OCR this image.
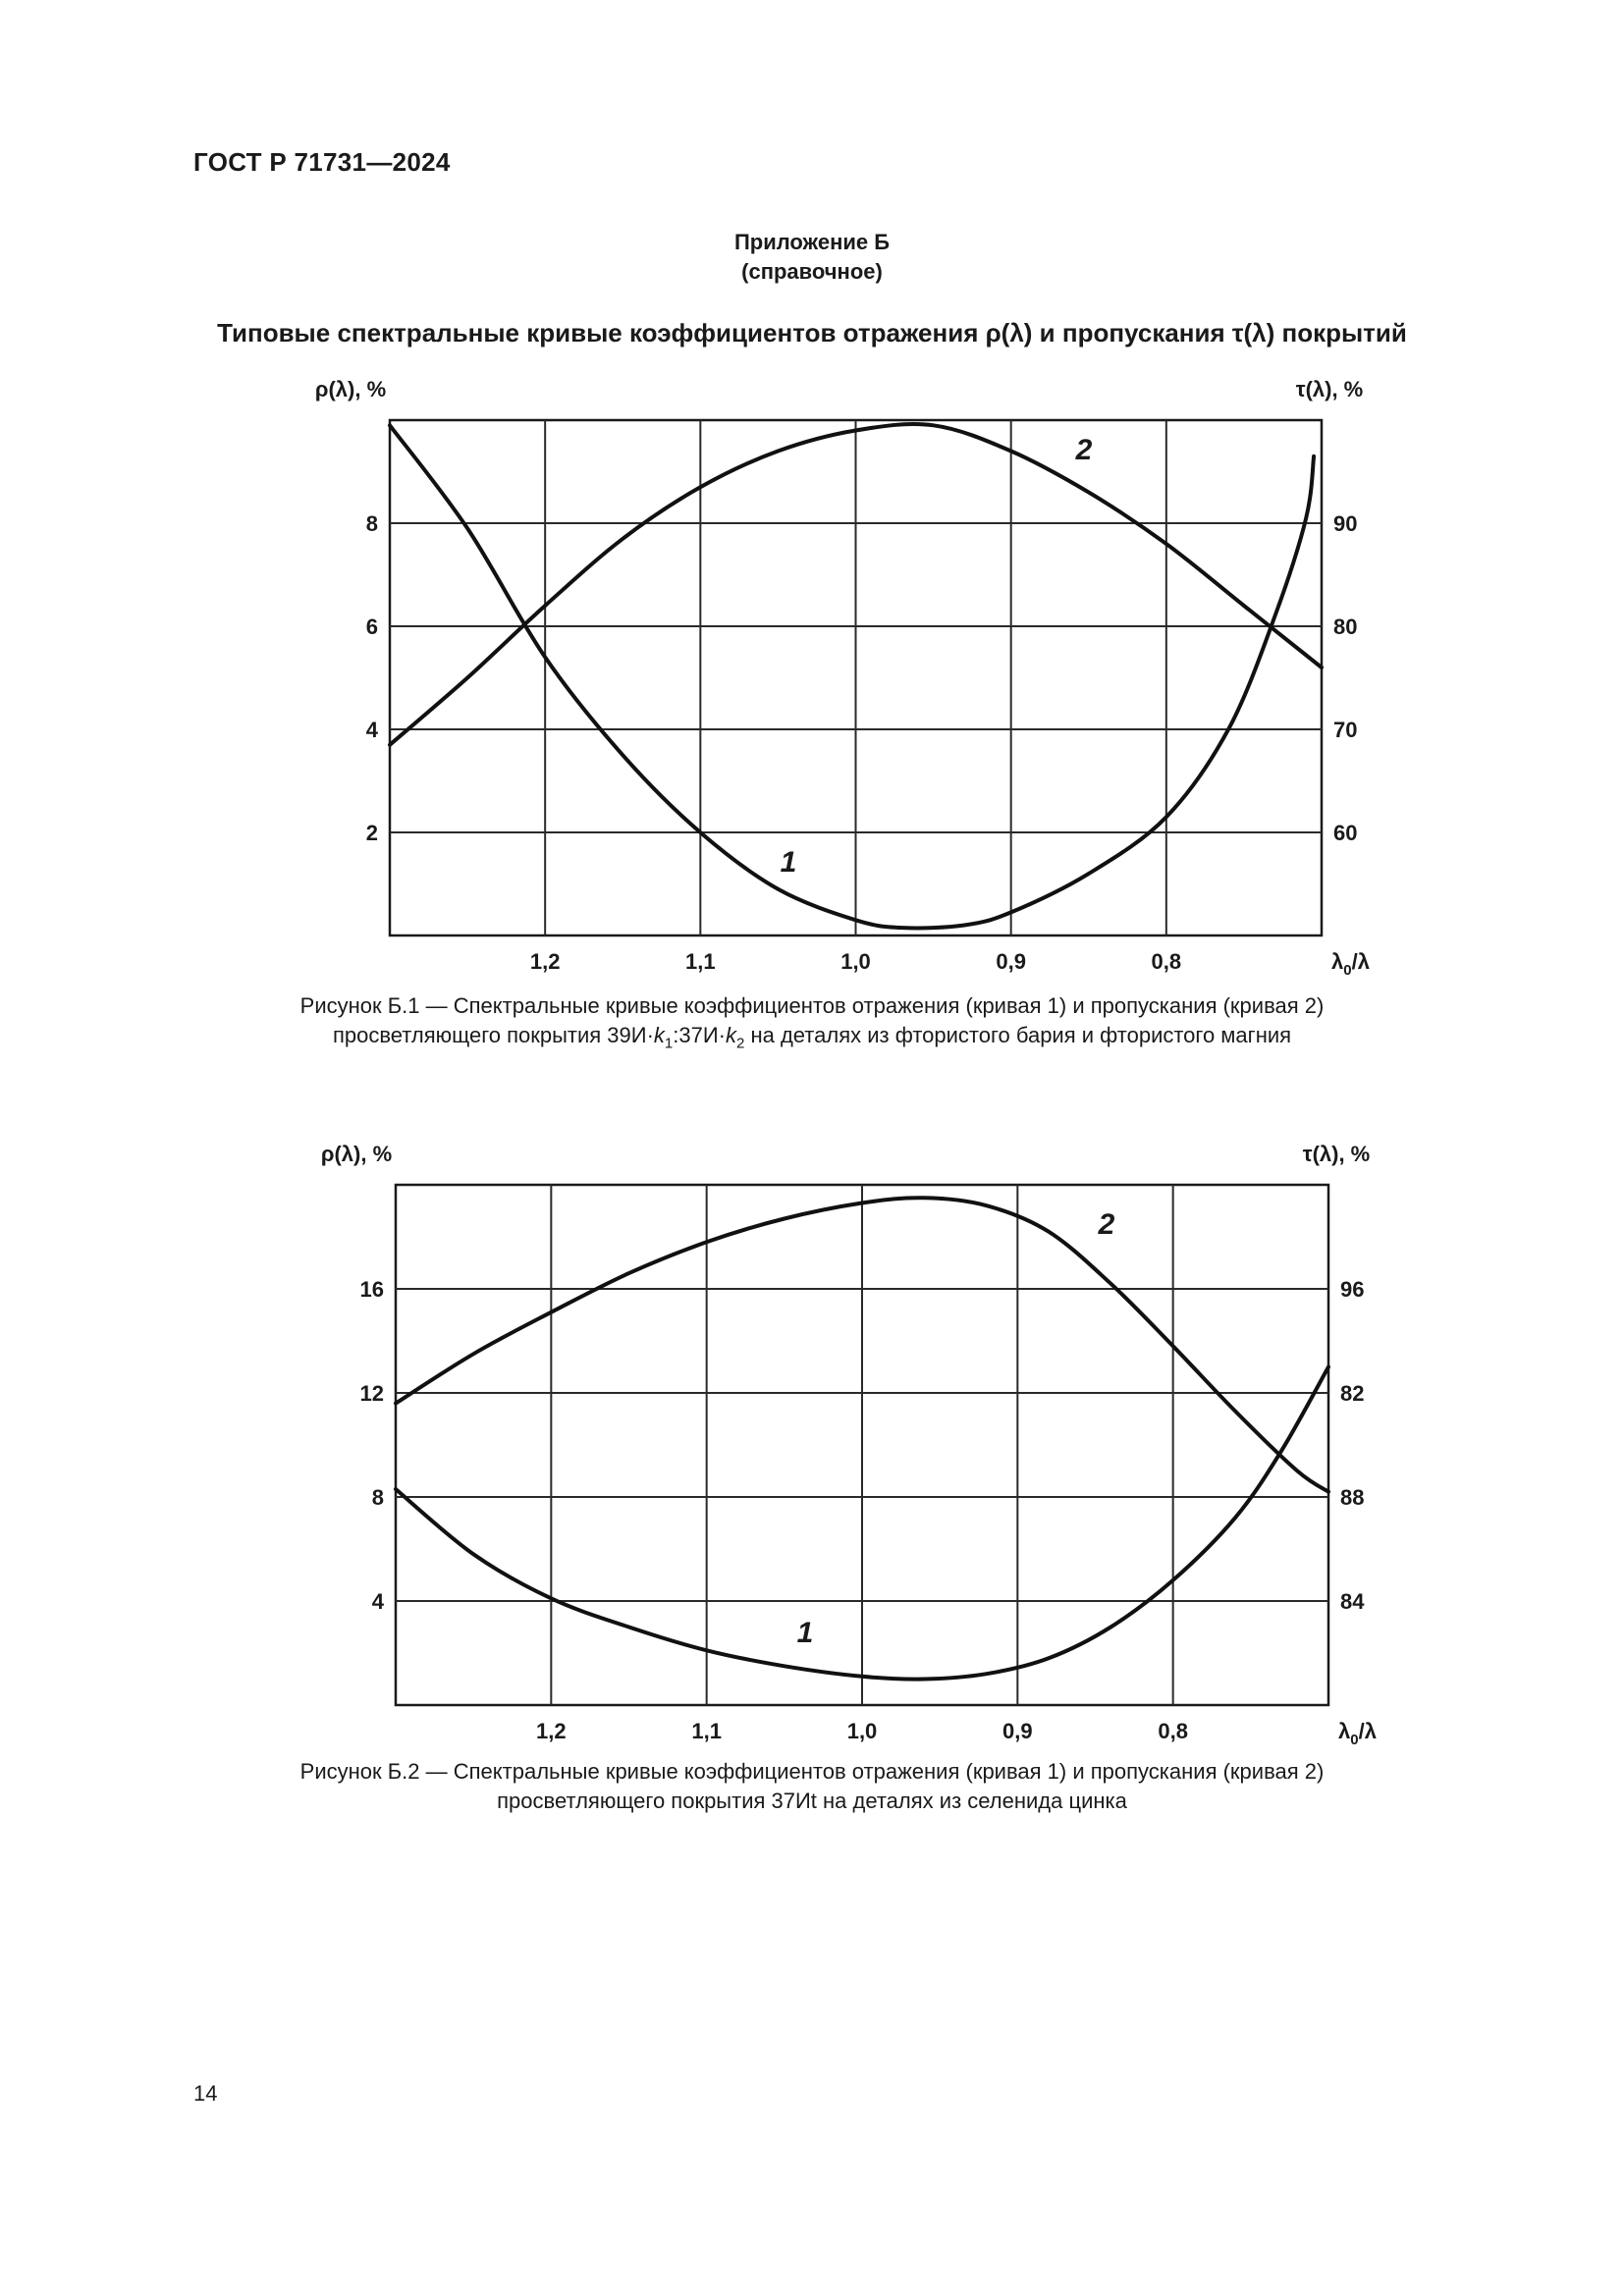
ГОСТ Р 71731—2024
Приложение Б
(справочное)
Типовые спектральные кривые коэффициентов отражения ρ(λ) и пропускания τ(λ) покрытий
1,2	1,1	1,0	0,9	0,8
2	60
4	70
6	80
8	90
ρ(λ), %	τ(λ), %
$\lambda_0/\lambda$
1
2
Рисунок Б.1 — Спектральные кривые коэффициентов отражения (кривая 1) и пропускания (кривая 2)
просветляющего покрытия $39И\cdot k_1:37И\cdot k_2$ на деталях из фтористого бария и фтористого магния
1,2	1,1	1,0	0,9	0,8
4	84
8	88
12	82
16	96
ρ(λ), %	τ(λ), %
$\lambda_0/\lambda$
1
2
Рисунок Б.2 — Спектральные кривые коэффициентов отражения (кривая 1) и пропускания (кривая 2)
просветляющего покрытия 37Иt на деталях из селенида цинка
14
